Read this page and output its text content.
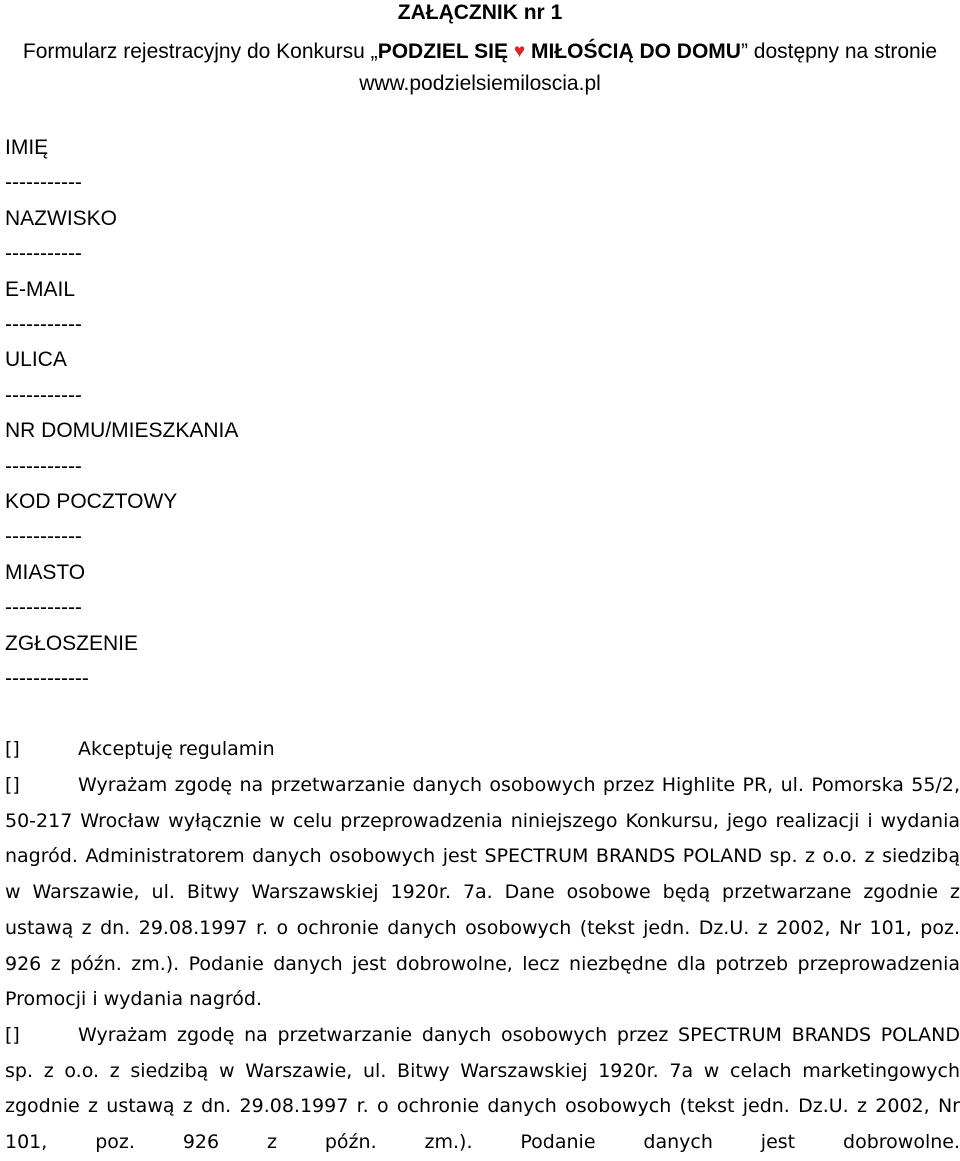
ZAŁĄCZNIK nr 1
Formularz rejestracyjny do Konkursu „PODZIEL SIĘ ♥ MIŁOŚCIĄ DO DOMU” dostępny na stronie www.podzielsiemiloscia.pl
IMIĘ
-----------
NAZWISKO
-----------
E-MAIL
-----------
ULICA
-----------
NR DOMU/MIESZKANIA
-----------
KOD POCZTOWY
-----------
MIASTO
-----------
ZGŁOSZENIE
------------
[]	Akceptuję regulamin
[]	Wyrażam zgodę na przetwarzanie danych osobowych przez Highlite PR, ul. Pomorska 55/2, 50-217 Wrocław wyłącznie w celu przeprowadzenia niniejszego Konkursu, jego realizacji i wydania nagród. Administratorem danych osobowych jest SPECTRUM BRANDS POLAND sp. z o.o. z siedzibą w Warszawie, ul. Bitwy Warszawskiej 1920r. 7a. Dane osobowe będą przetwarzane zgodnie z ustawą z dn. 29.08.1997 r. o ochronie danych osobowych (tekst jedn. Dz.U. z 2002, Nr 101, poz. 926 z późn. zm.). Podanie danych jest dobrowolne, lecz niezbędne dla potrzeb przeprowadzenia Promocji i wydania nagród.
[]	Wyrażam zgodę na przetwarzanie danych osobowych przez SPECTRUM BRANDS POLAND sp. z o.o. z siedzibą w Warszawie, ul. Bitwy Warszawskiej 1920r. 7a w celach marketingowych zgodnie z ustawą z dn. 29.08.1997 r. o ochronie danych osobowych (tekst jedn. Dz.U. z 2002, Nr 101, poz. 926 z późn. zm.). Podanie danych jest dobrowolne.
